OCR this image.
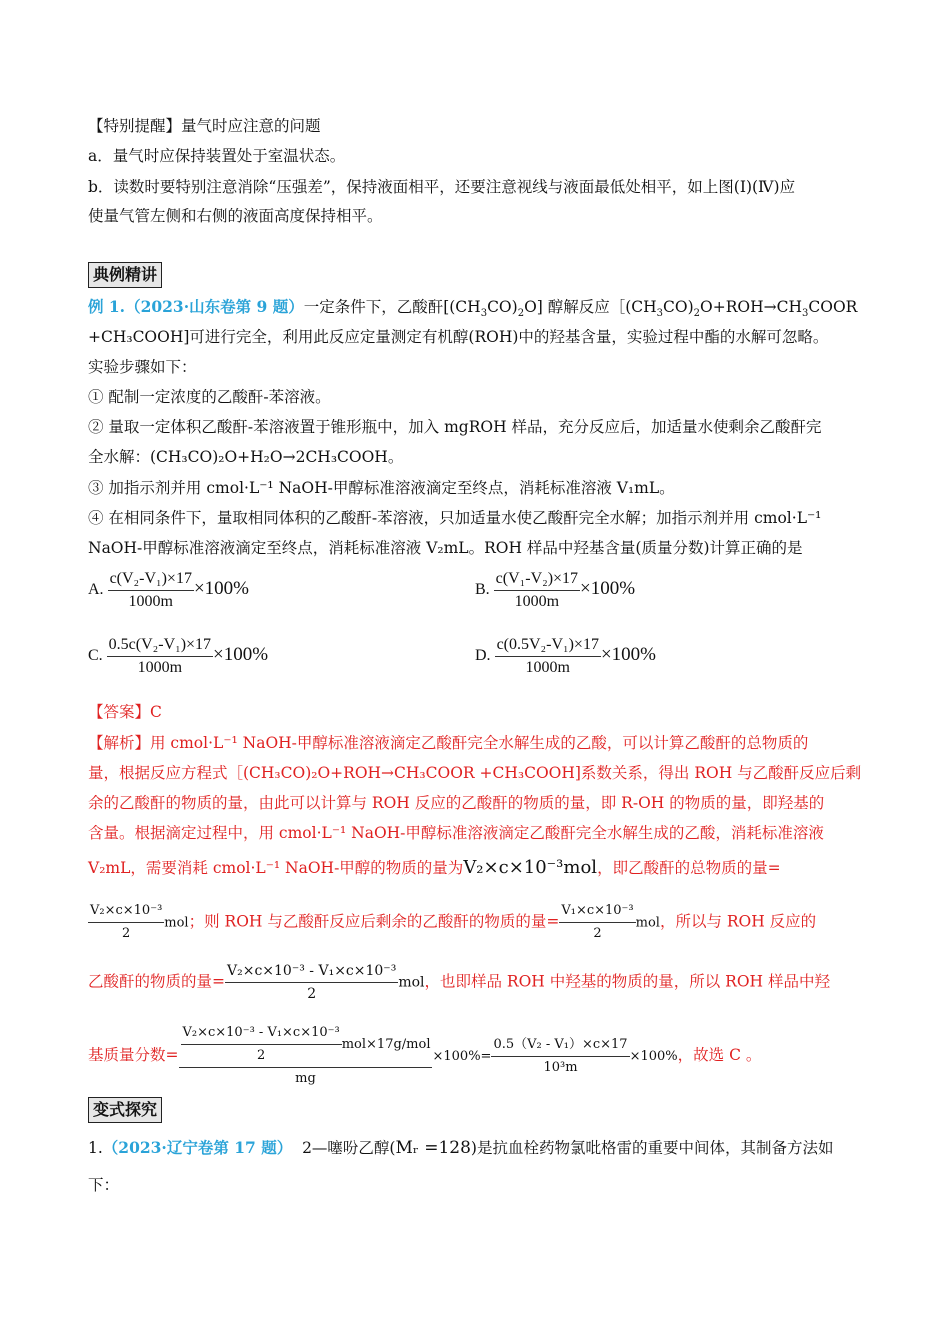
【特别提醒】量气时应注意的问题
a．量气时应保持装置处于室温状态。
b．读数时要特别注意消除“压强差”，保持液面相平，还要注意视线与液面最低处相平，如上图(I)(Ⅳ)应
使量气管左侧和右侧的液面高度保持相平。
典例精讲
例 1.（2023·山东卷第 9 题）一定条件下，乙酸酐$[(CH_3CO)_2O]$ 醇解反应$[(CH_3CO)_2O+ROH\to CH_3COOR$
+CH₃COOH]可进行完全，利用此反应定量测定有机醇(ROH)中的羟基含量，实验过程中酯的水解可忽略。
实验步骤如下：
① 配制一定浓度的乙酸酐-苯溶液。
② 量取一定体积乙酸酐-苯溶液置于锥形瓶中，加入 mgROH 样品，充分反应后，加适量水使剩余乙酸酐完
全水解：(CH₃CO)₂O+H₂O→2CH₃COOH。
③ 加指示剂并用 cmol·L⁻¹ NaOH-甲醇标准溶液滴定至终点，消耗标准溶液 V₁mL。
④ 在相同条件下，量取相同体积的乙酸酐-苯溶液，只加适量水使乙酸酐完全水解；加指示剂并用 cmol·L⁻¹
NaOH-甲醇标准溶液滴定至终点，消耗标准溶液 V₂mL。ROH 样品中羟基含量(质量分数)计算正确的是
A. $\frac{\text{c(V₂-V₁)×17}}{1000m} \times 100\%$	B. $\frac{\text{c(V₁-V₂)×17}}{1000m} \times 100\%$
C. $\frac{\text{0.5c(V₂-V₁)×17}}{1000m} \times 100\%$	D. $\frac{\text{c(0.5V₂-V₁)×17}}{1000m} \times 100\%$
【答案】C
【解析】用 cmol·L⁻¹ NaOH-甲醇标准溶液滴定乙酸酐完全水解生成的乙酸，可以计算乙酸酐的总物质的
量，根据反应方程式［(CH₃CO)₂O+ROH→CH₃COOR +CH₃COOH]系数关系，得出 ROH 与乙酸酐反应后剩
余的乙酸酐的物质的量，由此可以计算与 ROH 反应的乙酸酐的物质的量，即 R-OH 的物质的量，即羟基的
含量。根据滴定过程中，用 cmol·L⁻¹ NaOH-甲醇标准溶液滴定乙酸酐完全水解生成的乙酸，消耗标准溶液
V₂mL，需要消耗 cmol·L⁻¹ NaOH-甲醇的物质的量为V₂×c×10⁻³mol，即乙酸酐的总物质的量=
$\frac{\text{V₂×c×10⁻³}}{2}$ mol；则 ROH 与乙酸酐反应后剩余的乙酸酐的物质的量= $\frac{\text{V₁×c×10⁻³}}{2}$ mol，所以与 ROH 反应的
乙酸酐的物质的量= $\frac{\text{V₂×c×10⁻³ - V₁×c×10⁻³}}{2}$ mol，也即样品 ROH 中羟基的物质的量，所以 ROH 样品中羟
基质量分数= $\frac{\frac{\text{V₂×c×10⁻³ - V₁×c×10⁻³}}{2} mol\times 17g/mol}{mg} \times 100\%= \frac{\text{0.5（V₂ - V₁）×c×17}}{\text{10³m}} \times 100\%$，故选 C 。
变式探究
1.（2023·辽宁卷第 17 题） 2—噻吩乙醇(Mᵣ =128)是抗血栓药物氯吡格雷的重要中间体，其制备方法如
下：
